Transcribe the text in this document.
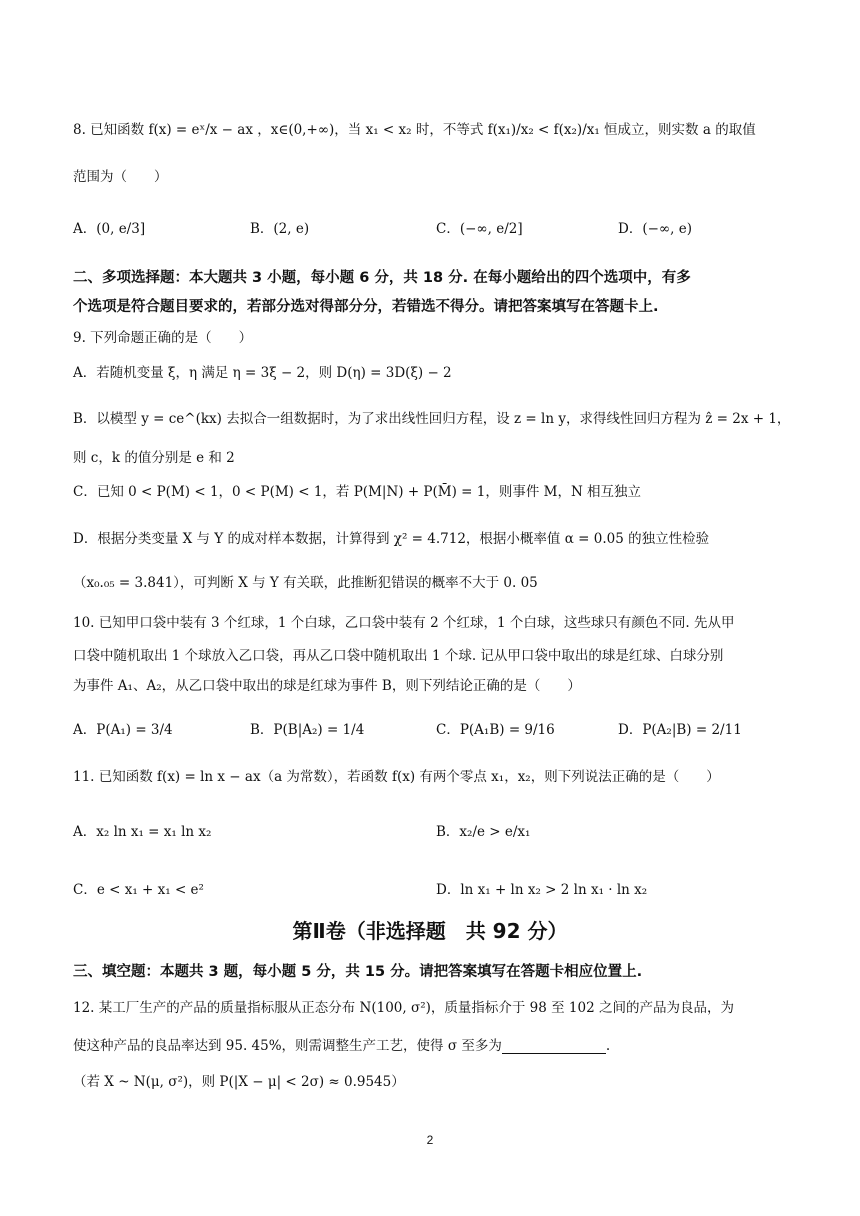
8. 已知函数 f(x) = eˣ/x − ax ，x∈(0,+∞)，当 x₁ < x₂ 时，不等式 f(x₁)/x₂ < f(x₂)/x₁ 恒成立，则实数 a 的取值
范围为（　　）
A．(0, e/3]	B．(2, e)	C．(−∞, e/2]	D．(−∞, e)
二、多项选择题：本大题共 3 小题，每小题 6 分，共 18 分. 在每小题给出的四个选项中，有多
个选项是符合题目要求的，若部分选对得部分分，若错选不得分。请把答案填写在答题卡上.
9. 下列命题正确的是（　　）
A．若随机变量 ξ，η 满足 η = 3ξ − 2，则 D(η) = 3D(ξ) − 2
B．以模型 y = ce^(kx) 去拟合一组数据时，为了求出线性回归方程，设 z = ln y，求得线性回归方程为 ẑ = 2x + 1，
则 c，k 的值分别是 e 和 2
C．已知 0 < P(M) < 1，0 < P(M) < 1，若 P(M|N) + P(M̄) = 1，则事件 M，N 相互独立
D．根据分类变量 X 与 Y 的成对样本数据，计算得到 χ² = 4.712，根据小概率值 α = 0.05 的独立性检验
（x₀.₀₅ = 3.841），可判断 X 与 Y 有关联，此推断犯错误的概率不大于 0. 05
10. 已知甲口袋中装有 3 个红球，1 个白球，乙口袋中装有 2 个红球，1 个白球，这些球只有颜色不同. 先从甲
口袋中随机取出 1 个球放入乙口袋，再从乙口袋中随机取出 1 个球. 记从甲口袋中取出的球是红球、白球分别
为事件 A₁、A₂，从乙口袋中取出的球是红球为事件 B，则下列结论正确的是（　　）
A．P(A₁) = 3/4	B．P(B|A₂) = 1/4	C．P(A₁B) = 9/16	D．P(A₂|B) = 2/11
11. 已知函数 f(x) = ln x − ax（a 为常数），若函数 f(x) 有两个零点 x₁，x₂，则下列说法正确的是（　　）
A．x₂ ln x₁ = x₁ ln x₂	B．x₂/e > e/x₁
C．e < x₁ + x₁ < e²	D．ln x₁ + ln x₂ > 2 ln x₁ · ln x₂
第Ⅱ卷（非选择题　共 92 分）
三、填空题：本题共 3 题，每小题 5 分，共 15 分。请把答案填写在答题卡相应位置上.
12. 某工厂生产的产品的质量指标服从正态分布 N(100, σ²)，质量指标介于 98 至 102 之间的产品为良品，为
使这种产品的良品率达到 95. 45%，则需调整生产工艺，使得 σ 至多为	.
（若 X ~ N(μ, σ²)，则 P(|X − μ| < 2σ) ≈ 0.9545）
2
